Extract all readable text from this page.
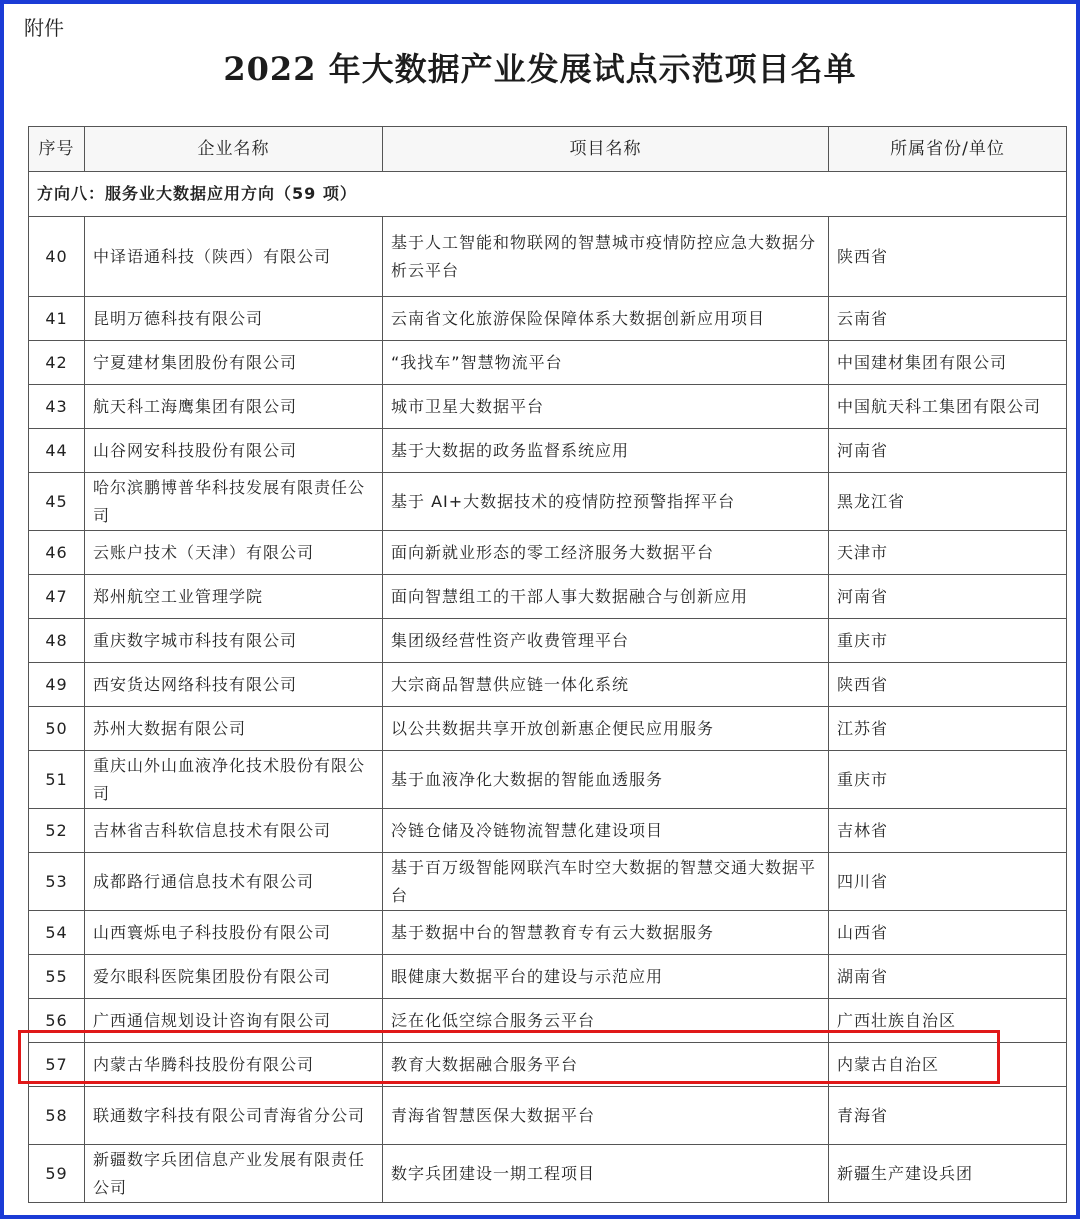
附件
2022 年大数据产业发展试点示范项目名单
序号	企业名称	项目名称	所属省份/单位
方向八：服务业大数据应用方向（59 项）			
40	中译语通科技（陕西）有限公司	基于人工智能和物联网的智慧城市疫情防控应急大数据分析云平台	陕西省
41	昆明万德科技有限公司	云南省文化旅游保险保障体系大数据创新应用项目	云南省
42	宁夏建材集团股份有限公司	“我找车”智慧物流平台	中国建材集团有限公司
43	航天科工海鹰集团有限公司	城市卫星大数据平台	中国航天科工集团有限公司
44	山谷网安科技股份有限公司	基于大数据的政务监督系统应用	河南省
45	哈尔滨鹏博普华科技发展有限责任公司	基于 AI+大数据技术的疫情防控预警指挥平台	黑龙江省
46	云账户技术（天津）有限公司	面向新就业形态的零工经济服务大数据平台	天津市
47	郑州航空工业管理学院	面向智慧组工的干部人事大数据融合与创新应用	河南省
48	重庆数字城市科技有限公司	集团级经营性资产收费管理平台	重庆市
49	西安货达网络科技有限公司	大宗商品智慧供应链一体化系统	陕西省
50	苏州大数据有限公司	以公共数据共享开放创新惠企便民应用服务	江苏省
51	重庆山外山血液净化技术股份有限公司	基于血液净化大数据的智能血透服务	重庆市
52	吉林省吉科软信息技术有限公司	冷链仓储及冷链物流智慧化建设项目	吉林省
53	成都路行通信息技术有限公司	基于百万级智能网联汽车时空大数据的智慧交通大数据平台	四川省
54	山西寰烁电子科技股份有限公司	基于数据中台的智慧教育专有云大数据服务	山西省
55	爱尔眼科医院集团股份有限公司	眼健康大数据平台的建设与示范应用	湖南省
56	广西通信规划设计咨询有限公司	泛在化低空综合服务云平台	广西壮族自治区
57	内蒙古华腾科技股份有限公司	教育大数据融合服务平台	内蒙古自治区
58	联通数字科技有限公司青海省分公司	青海省智慧医保大数据平台	青海省
59	新疆数字兵团信息产业发展有限责任公司	数字兵团建设一期工程项目	新疆生产建设兵团
